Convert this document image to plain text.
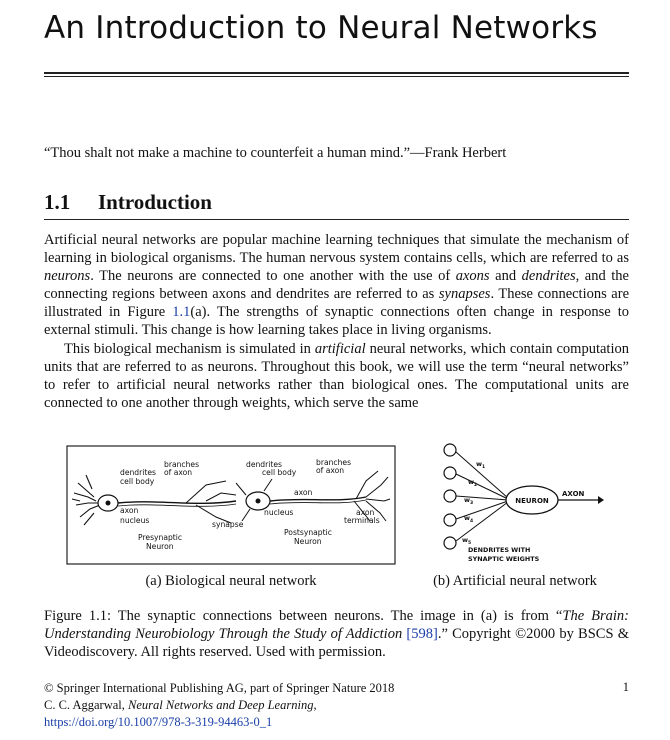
An Introduction to Neural Networks
“Thou shalt not make a machine to counterfeit a human mind.”—Frank Herbert
1.1 Introduction

Artificial neural networks are popular machine learning techniques that simulate the mechanism of learning in biological organisms. The human nervous system contains cells, which are referred to as neurons. The neurons are connected to one another with the use of axons and dendrites, and the connecting regions between axons and dendrites are referred to as synapses. These connections are illustrated in Figure 1.1(a). The strengths of synaptic connections often change in response to external stimuli. This change is how learning takes place in living organisms.

This biological mechanism is simulated in artificial neural networks, which contain computation units that are referred to as neurons. Throughout this book, we will use the term “neural networks” to refer to artificial neural networks rather than biological ones. The computational units are connected to one another through weights, which serve the same

dendrites
cell body
branches
of axon
axon
nucleus
Presynaptic
Neuron
synapse
dendrites
cell body
branches
of axon
axon
nucleus
Postsynaptic
Neuron
axon
terminals
$w_1$
$w_2$
$w_3$
$w_4$
$w_5$
NEURON
AXON
DENDRITES WITH
SYNAPTIC WEIGHTS
(a) Biological neural network	(b) Artificial neural network
Figure 1.1: The synaptic connections between neurons. The image in (a) is from “The Brain: Understanding Neurobiology Through the Study of Addiction [598].” Copyright ©2000 by BSCS & Videodiscovery. All rights reserved. Used with permission.
© Springer International Publishing AG, part of Springer Nature 2018
C. C. Aggarwal, Neural Networks and Deep Learning,
https://doi.org/10.1007/978-3-319-94463-0_1
1
